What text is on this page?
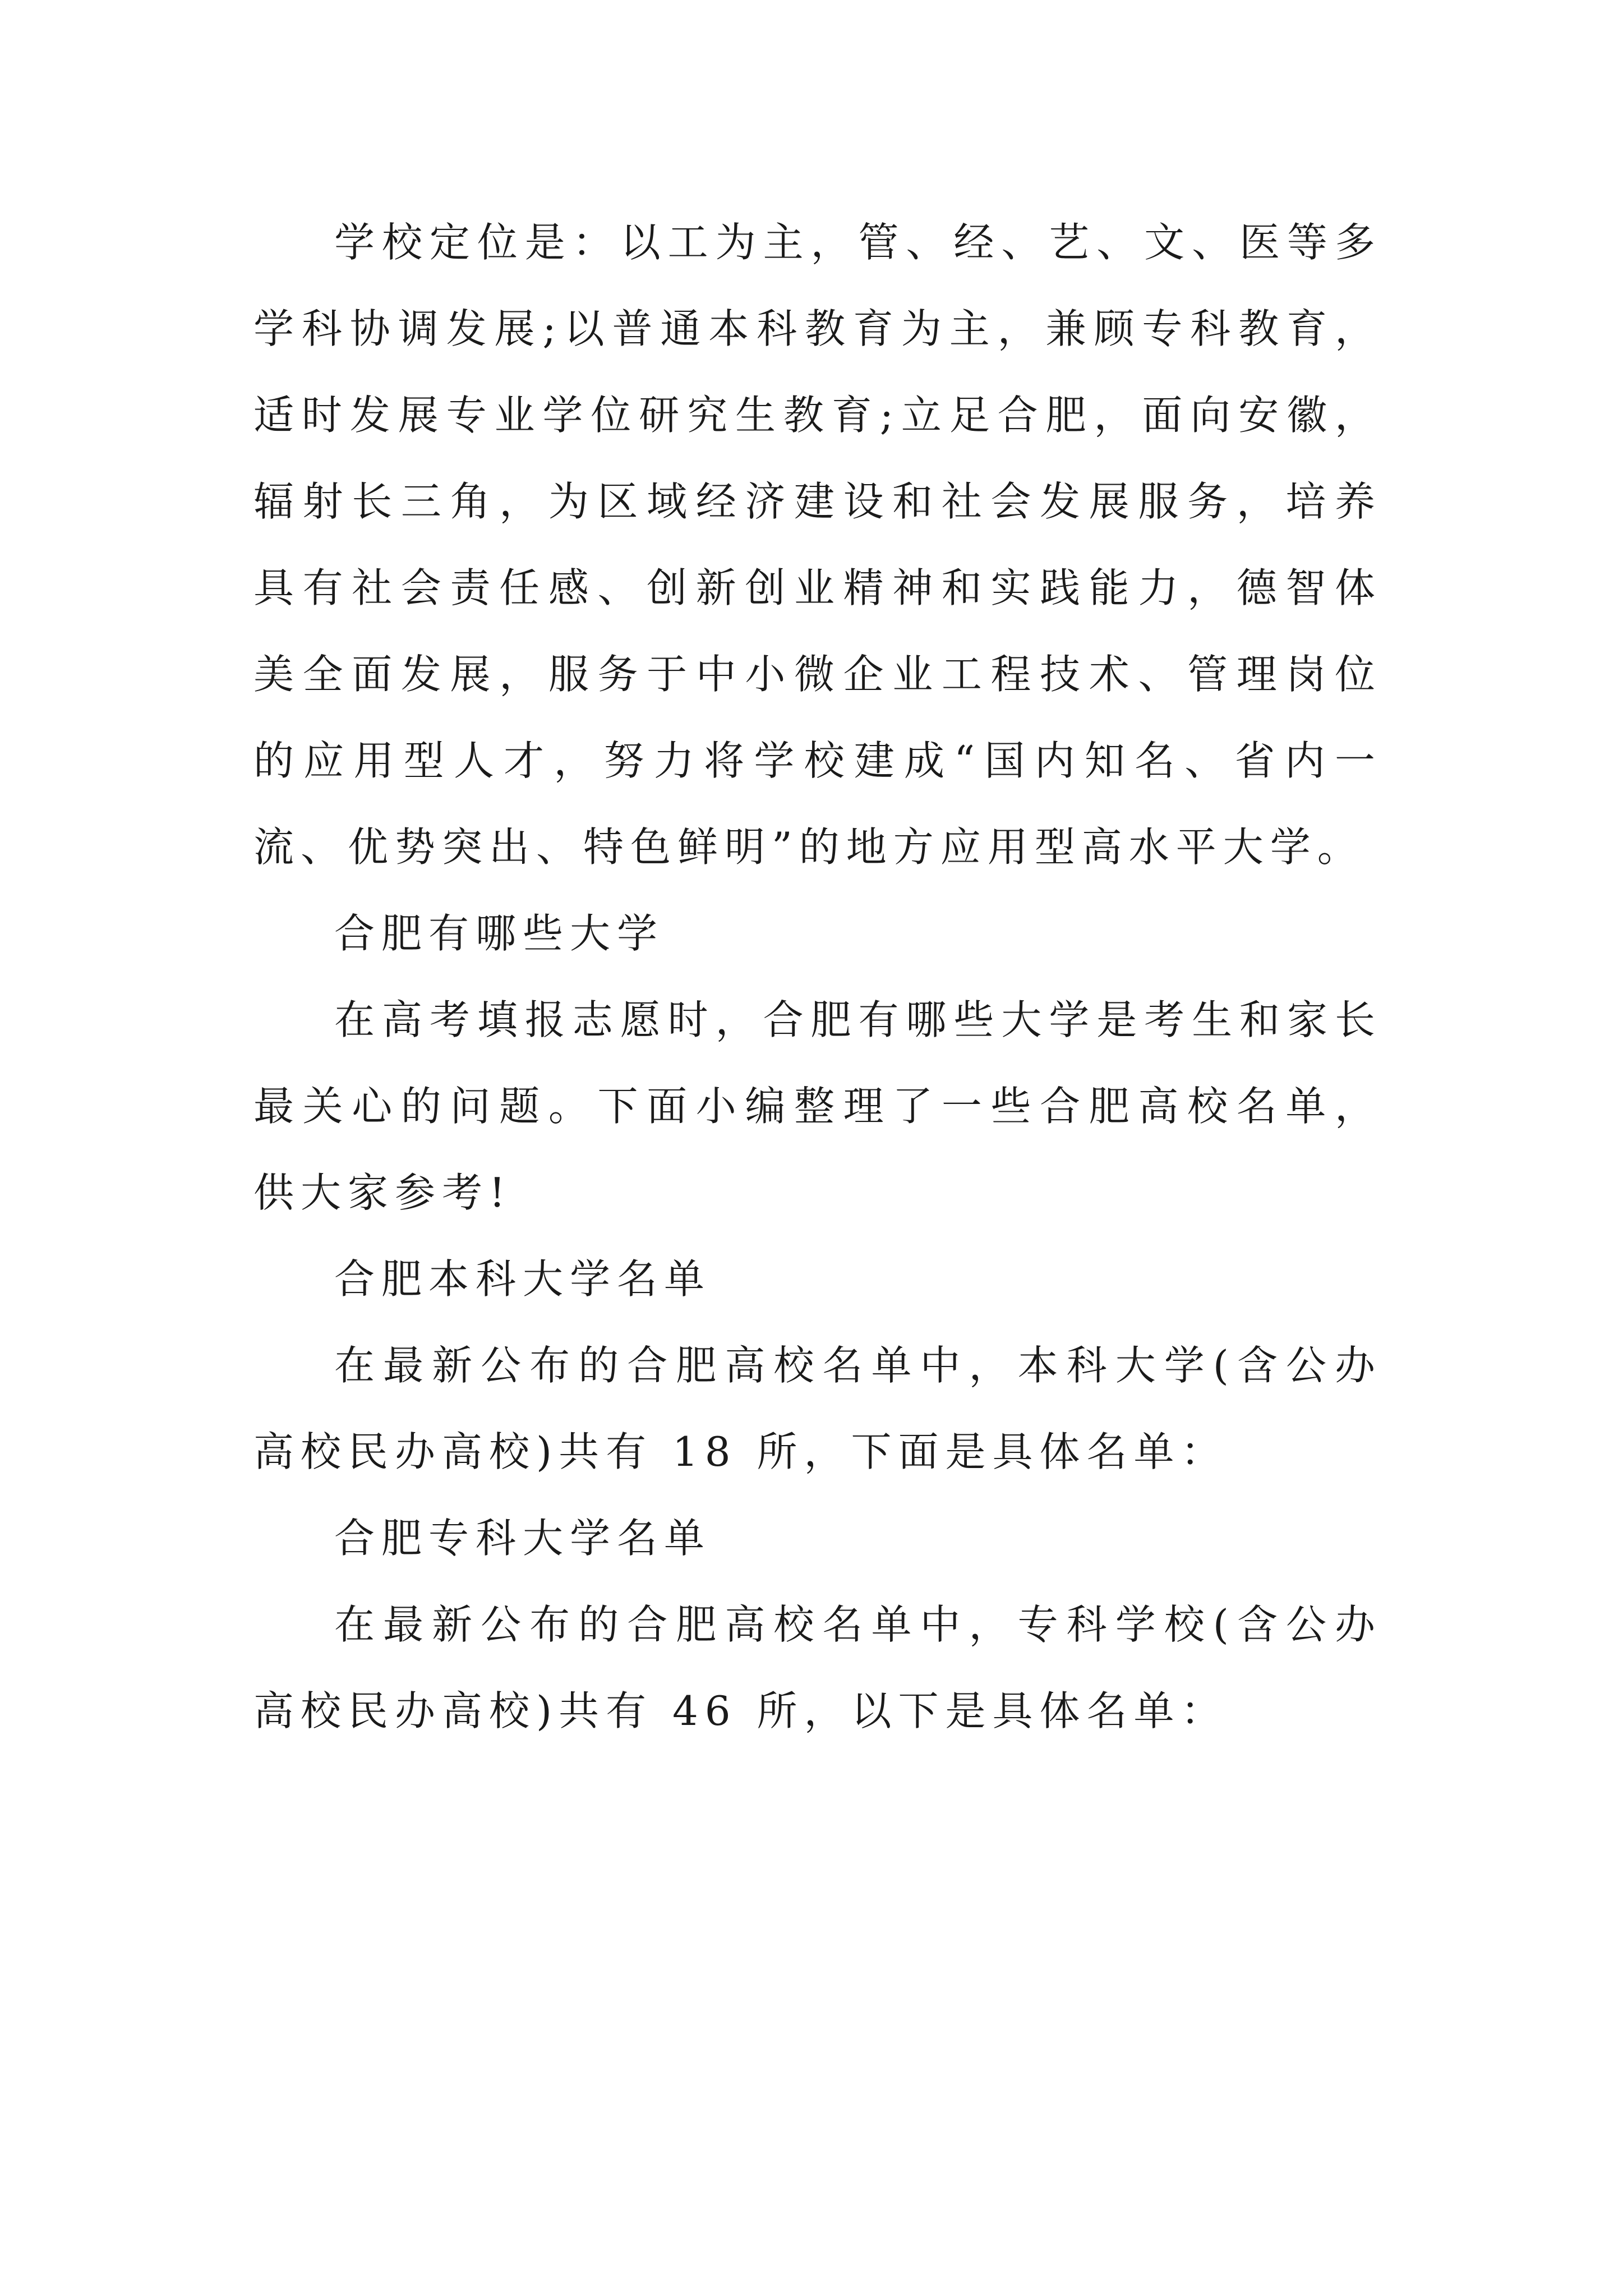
学校定位是：以工为主，管、经、艺、文、医等多学科协调发展;以普通本科教育为主，兼顾专科教育，适时发展专业学位研究生教育;立足合肥，面向安徽，辐射长三角，为区域经济建设和社会发展服务，培养具有社会责任感、创新创业精神和实践能力，德智体美全面发展，服务于中小微企业工程技术、管理岗位的应用型人才，努力将学校建成“国内知名、省内一流、优势突出、特色鲜明”的地方应用型高水平大学。

合肥有哪些大学

在高考填报志愿时，合肥有哪些大学是考生和家长最关心的问题。下面小编整理了一些合肥高校名单，供大家参考!

合肥本科大学名单

在最新公布的合肥高校名单中，本科大学(含公办高校民办高校)共有 18 所，下面是具体名单：

合肥专科大学名单

在最新公布的合肥高校名单中，专科学校(含公办高校民办高校)共有 46 所，以下是具体名单：
